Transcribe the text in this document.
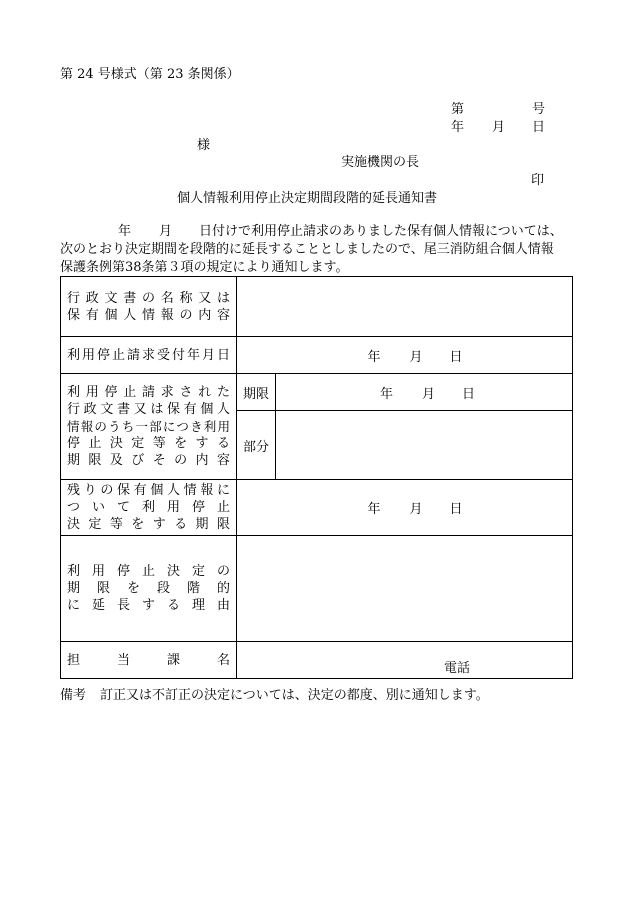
第 24 号様式（第 23 条関係）
第	号
年 月 日
様
実施機関の長
印
個人情報利用停止決定期間段階的延長通知書
年 月 日付けで利用停止請求のありました保有個人情報については、
次のとおり決定期間を段階的に延長することとしましたので、尾三消防組合個人情報
保護条例第38条第３項の規定により通知します。
行政文書の名称又は
保有個人情報の内容		

利用停止請求受付年月日	年 月 日	

利用停止請求された
行政文書又は保有個人
情報のうち一部につき利用
停止決定等をする
期限及びその内容	期限	年 月 日
	部分	

残りの保有個人情報に
ついて利用停止
決定等をする期限	年 月 日	

利用停止決定の
期限を段階的
に延長する理由		

担当課名	電話	
備考 訂正又は不訂正の決定については、決定の都度、別に通知します。
